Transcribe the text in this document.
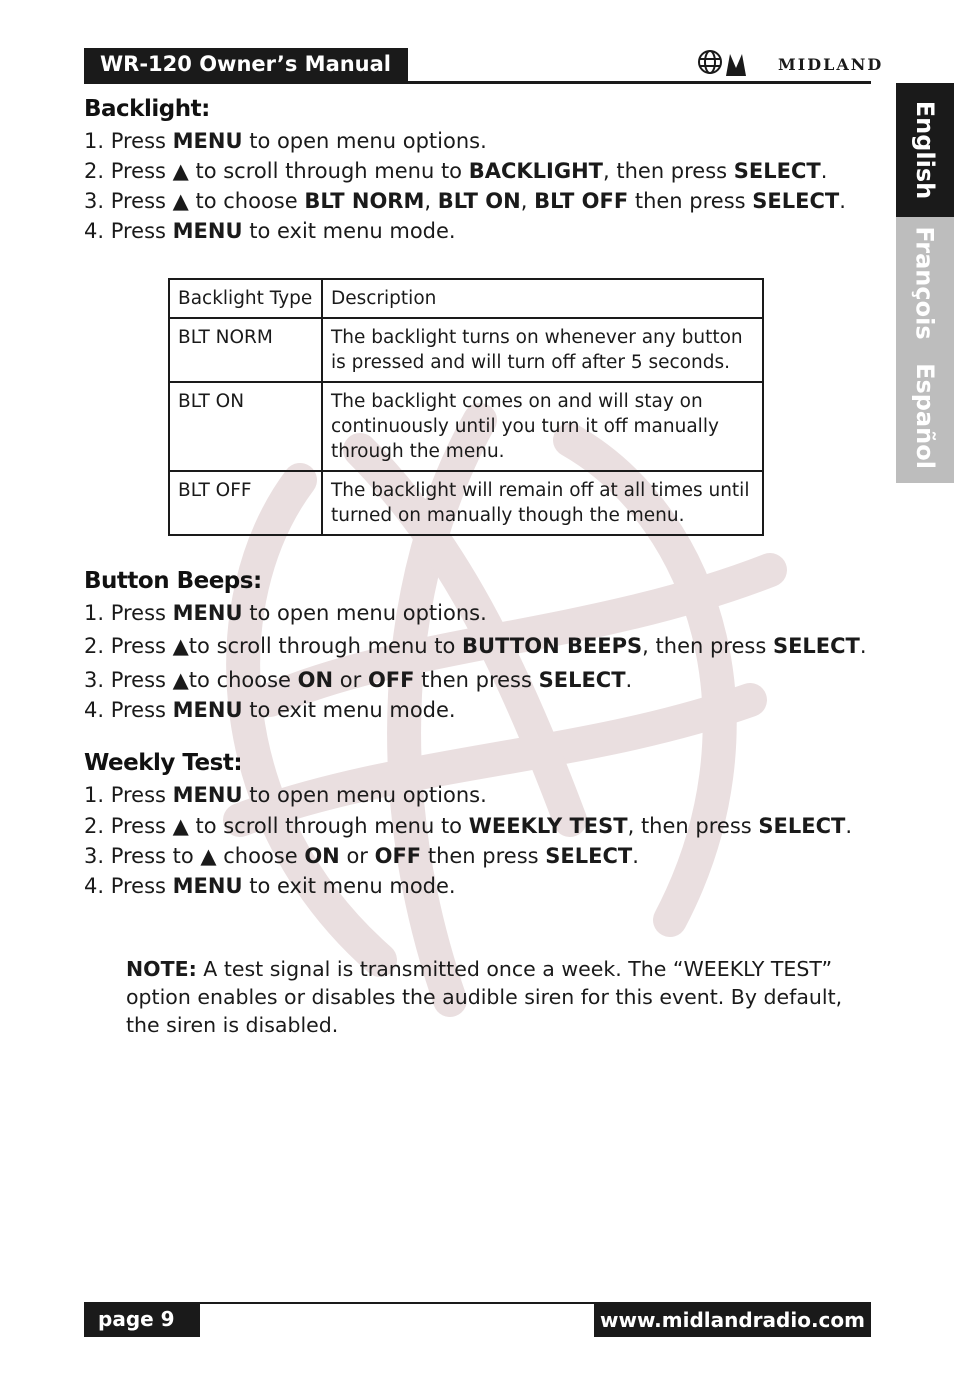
WR-120 Owner’s Manual	MIDLAND
English
François
Español
Backlight:
1. Press MENU to open menu options.
2. Press ▲ to scroll through menu to BACKLIGHT, then press SELECT.
3. Press ▲ to choose BLT NORM, BLT ON, BLT OFF then press SELECT.
4. Press MENU to exit menu mode.
Backlight Type	Description
BLT NORM	The backlight turns on whenever any button is pressed and will turn off after 5 seconds.
BLT ON	The backlight comes on and will stay on continuously until you turn it off manually through the menu.
BLT OFF	The backlight will remain off at all times until turned on manually though the menu.
Button Beeps:
1. Press MENU to open menu options.
2. Press ▲to scroll through menu to BUTTON BEEPS, then press SELECT.
3. Press ▲to choose ON or OFF then press SELECT.
4. Press MENU to exit menu mode.
Weekly Test:
1. Press MENU to open menu options.
2. Press ▲ to scroll through menu to WEEKLY TEST, then press SELECT.
3. Press to ▲ choose ON or OFF then press SELECT.
4. Press MENU to exit menu mode.
NOTE: A test signal is transmitted once a week. The “WEEKLY TEST” option enables or disables the audible siren for this event. By default, the siren is disabled.
page 9	www.midlandradio.com
